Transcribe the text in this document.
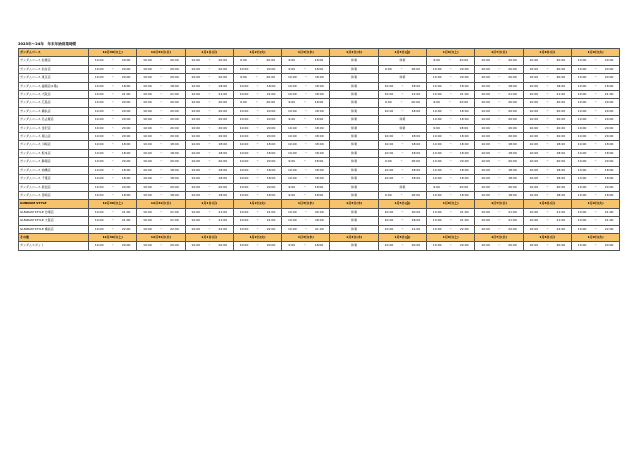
2023年〜24年　年末年始営業時間
ガンダムベース	12月30日(土)	12月31日(日)	1月1日(月)	1月2日(火)	1月3日(水)	1月4日(木)	1月5日(金)	1月6日(土)	1月7日(日)	1月8日(月)	1月9日(火)
ガンダムベース 札幌店	10:00 〜 20:00	10:00 〜 20:00	10:00 〜 20:00	9:00 〜 20:00	9:00 〜 18:00	休業	休業	9:00 〜 20:00	10:00 〜 20:00	10:00 〜 20:00	10:00 〜 20:00

ガンダムベース 仙台店	10:00 〜 20:00	10:00 〜 20:00	10:00 〜 20:00	10:00 〜 20:00	9:00 〜 18:00	休業	9:00 〜 18:00	10:00 〜 20:00	10:00 〜 20:00	10:00 〜 20:00	10:00 〜 20:00

ガンダムベース 東京店	10:00 〜 20:00	10:00 〜 20:00	10:00 〜 20:00	9:00 〜 20:00	10:00 〜 18:00	休業	休業	10:00 〜 20:00	10:00 〜 20:00	10:00 〜 20:00	10:00 〜 20:00

ガンダムベース 福岡店(1階)	10:00 〜 18:00	10:00 〜 18:00	10:00 〜 18:00	10:00 〜 18:00	10:00 〜 18:00	休業	10:00 〜 18:00	10:00 〜 18:00	10:00 〜 18:00	10:00 〜 18:00	10:00 〜 18:00

ガンダムベース 大阪店	10:00 〜 21:00	10:00 〜 21:00	10:00 〜 21:00	10:00 〜 21:00	10:00 〜 18:00	休業	10:00 〜 21:00	10:00 〜 21:00	10:00 〜 21:00	10:00 〜 21:00	10:00 〜 21:00

ガンダムベース 広島店	10:00 〜 20:00	10:00 〜 20:00	10:00 〜 20:00	9:00 〜 20:00	9:00 〜 18:00	休業	9:00 〜 20:00	9:00 〜 20:00	10:00 〜 20:00	10:00 〜 20:00	10:00 〜 20:00

ガンダムベース 横浜店	10:00 〜 20:00	10:00 〜 20:00	10:00 〜 20:00	10:00 〜 20:00	10:00 〜 18:00	休業	10:00 〜 18:00	10:00 〜 18:00	10:00 〜 20:00	10:00 〜 20:00	10:00 〜 20:00

ガンダムベース 名古屋店	10:00 〜 20:00	10:00 〜 20:00	10:00 〜 20:00	10:00 〜 20:00	9:00 〜 18:00	休業	休業	10:00 〜 18:00	10:00 〜 20:00	10:00 〜 20:00	10:00 〜 20:00

ガンダムベース 金沢店	10:00 〜 20:00	10:00 〜 20:00	10:00 〜 20:00	10:00 〜 20:00	10:00 〜 18:00	休業	休業	9:00 〜 18:00	10:00 〜 20:00	10:00 〜 20:00	10:00 〜 20:00

ガンダムベース 岡山店	10:00 〜 20:00	10:00 〜 20:00	10:00 〜 20:00	10:00 〜 20:00	10:00 〜 18:00	休業	10:00 〜 18:00	10:00 〜 18:00	10:00 〜 20:00	10:00 〜 20:00	10:00 〜 20:00

ガンダムベース 川崎店	10:00 〜 18:00	10:00 〜 18:00	10:00 〜 18:00	10:00 〜 18:00	10:00 〜 18:00	休業	10:00 〜 18:00	10:00 〜 18:00	10:00 〜 18:00	10:00 〜 18:00	10:00 〜 18:00

ガンダムベース 熊本店	10:00 〜 18:00	10:00 〜 18:00	10:00 〜 18:00	10:00 〜 18:00	10:00 〜 18:00	休業	10:00 〜 18:00	10:00 〜 18:00	10:00 〜 18:00	10:00 〜 18:00	10:00 〜 18:00

ガンダムベース 静岡店	10:00 〜 20:00	10:00 〜 20:00	10:00 〜 20:00	10:00 〜 20:00	9:00 〜 18:00	休業	9:00 〜 18:00	10:00 〜 20:00	10:00 〜 20:00	10:00 〜 20:00	10:00 〜 20:00

ガンダムベース 沖縄店	10:00 〜 18:00	10:00 〜 18:00	10:00 〜 18:00	10:00 〜 18:00	10:00 〜 18:00	休業	10:00 〜 18:00	10:00 〜 18:00	10:00 〜 18:00	10:00 〜 18:00	10:00 〜 18:00

ガンダムベース 千葉店	10:00 〜 18:00	10:00 〜 18:00	10:00 〜 18:00	10:00 〜 18:00	10:00 〜 18:00	休業	10:00 〜 18:00	10:00 〜 18:00	10:00 〜 18:00	10:00 〜 18:00	10:00 〜 18:00

ガンダムベース 新潟店	10:00 〜 20:00	10:00 〜 20:00	10:00 〜 20:00	10:00 〜 20:00	9:00 〜 18:00	休業	休業	9:00 〜 20:00	10:00 〜 20:00	10:00 〜 20:00	10:00 〜 20:00

ガンダムベース 宮崎店	10:00 〜 18:00	10:00 〜 18:00	10:00 〜 18:00	10:00 〜 18:00	9:00 〜 18:00	休業	9:00 〜 18:00	10:00 〜 18:00	10:00 〜 18:00	10:00 〜 18:00	10:00 〜 18:00

GUNDAM STYLE	12月30日(土)	12月31日(日)	1月1日(月)	1月2日(火)	1月3日(水)	1月4日(木)	1月5日(金)	1月6日(土)	1月7日(日)	1月8日(月)	1月9日(火)
GUNDAM STYLE 台場店	10:00 〜 21:00	10:00 〜 21:00	10:00 〜 21:00	10:00 〜 21:00	10:00 〜 20:00	休業	10:00 〜 20:00	10:00 〜 21:00	10:00 〜 21:00	10:00 〜 21:00	10:00 〜 21:00

GUNDAM STYLE 大阪店	10:00 〜 21:00	10:00 〜 21:00	10:00 〜 21:00	10:00 〜 21:00	10:00 〜 18:00	休業	10:00 〜 18:00	10:00 〜 21:00	10:00 〜 21:00	10:00 〜 21:00	10:00 〜 21:00

GUNDAM STYLE 横浜店	10:00 〜 22:00	10:00 〜 22:00	10:00 〜 22:00	10:00 〜 22:00	10:00 〜 21:00	休業	10:00 〜 21:00	10:00 〜 22:00	10:00 〜 22:00	10:00 〜 22:00	10:00 〜 22:00

その他	12月30日(土)	12月31日(日)	1月1日(月)	1月2日(火)	1月3日(水)	1月4日(木)	1月5日(金)	1月6日(土)	1月7日(日)	1月8日(月)	1月9日(火)
ガンダムスポット	10:00 〜 20:00	10:00 〜 20:00	10:00 〜 20:00	10:00 〜 20:00	9:00 〜 18:00	休業	10:00 〜 20:00	10:00 〜 20:00	10:00 〜 20:00	10:00 〜 20:00	10:00 〜 20:00
